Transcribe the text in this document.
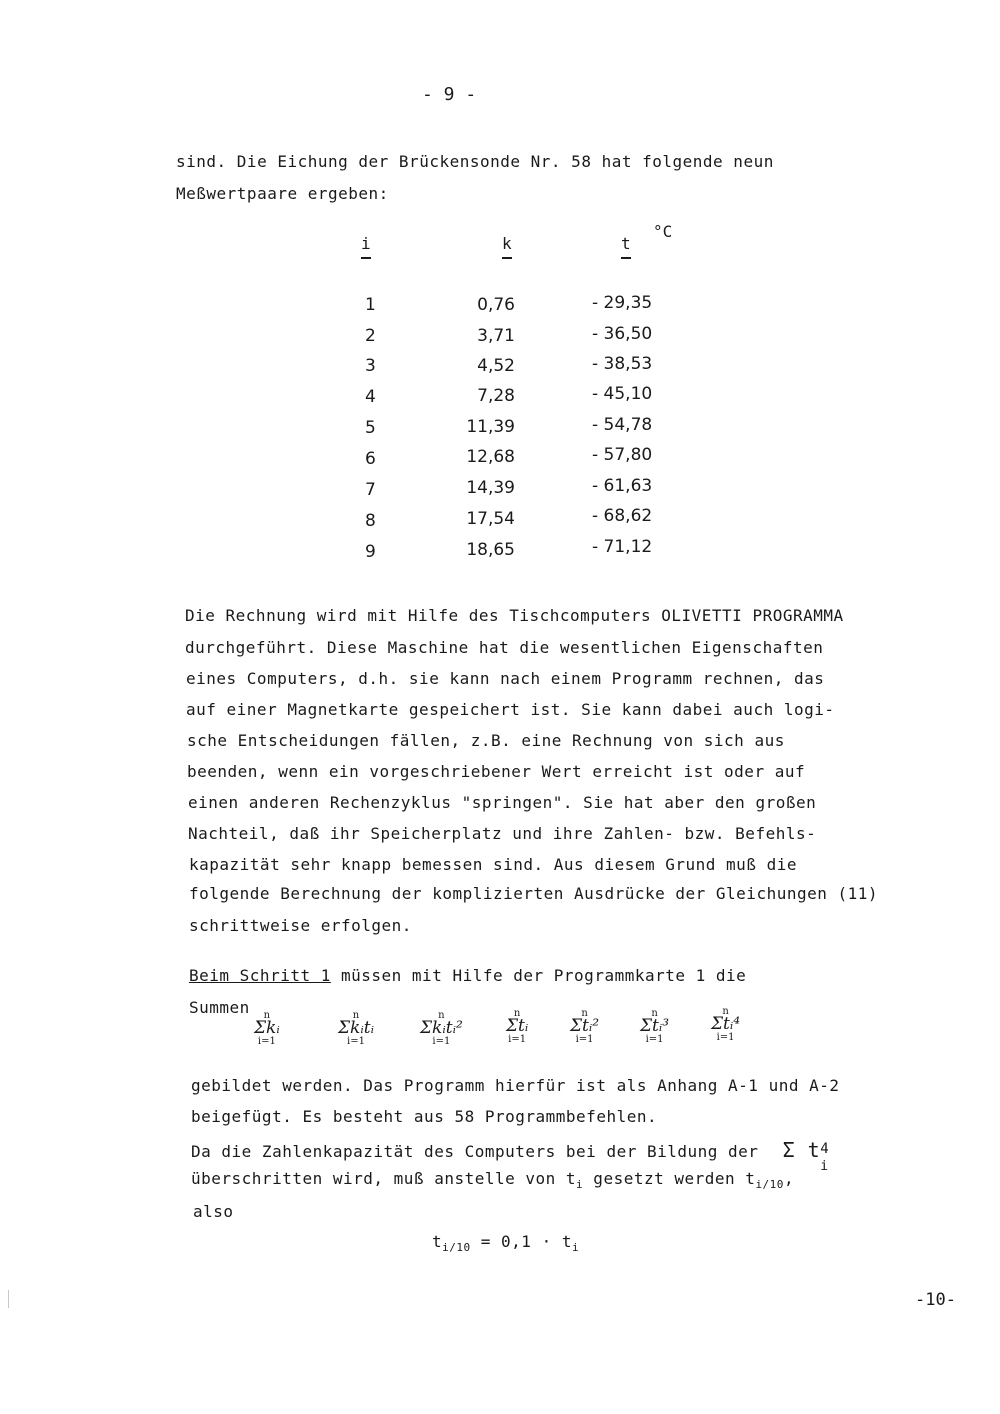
- 9 -
sind. Die Eichung der Brückensonde Nr. 58 hat folgende neun
Meßwertpaare ergeben:
i	k	t
°C
1	0,76	- 29,35
2	3,71	- 36,50
3	4,52	- 38,53
4	7,28	- 45,10
5	11,39	- 54,78
6	12,68	- 57,80
7	14,39	- 61,63
8	17,54	- 68,62
9	18,65	- 71,12
Die Rechnung wird mit Hilfe des Tischcomputers OLIVETTI PROGRAMMA
durchgeführt. Diese Maschine hat die wesentlichen Eigenschaften
eines Computers, d.h. sie kann nach einem Programm rechnen, das
auf einer Magnetkarte gespeichert ist. Sie kann dabei auch logi-
sche Entscheidungen fällen, z.B. eine Rechnung von sich aus
beenden, wenn ein vorgeschriebener Wert erreicht ist oder auf
einen anderen Rechenzyklus "springen". Sie hat aber den großen
Nachteil, daß ihr Speicherplatz und ihre Zahlen- bzw. Befehls-
kapazität sehr knapp bemessen sind. Aus diesem Grund muß die
folgende Berechnung der komplizierten Ausdrücke der Gleichungen (11)
schrittweise erfolgen.
Beim Schritt 1 müssen mit Hilfe der Programmkarte 1 die
Summen	n
Σkᵢ
i=1
n
Σkᵢtᵢ
i=1
n
Σkᵢtᵢ²
i=1
n
Σtᵢ
i=1
n
Σtᵢ²
i=1
n
Σtᵢ³
i=1
n
Σtᵢ⁴
i=1
gebildet werden. Das Programm hierfür ist als Anhang A-1 und A-2
beigefügt. Es besteht aus 58 Programmbefehlen.
Da die Zahlenkapazität des Computers bei der Bildung der Σ t 4
i
überschritten wird, muß anstelle von $t_i$ gesetzt werden $t_{i/10}$,
also
$t_{i/10} = 0,1 \cdot t_i$
-10-
